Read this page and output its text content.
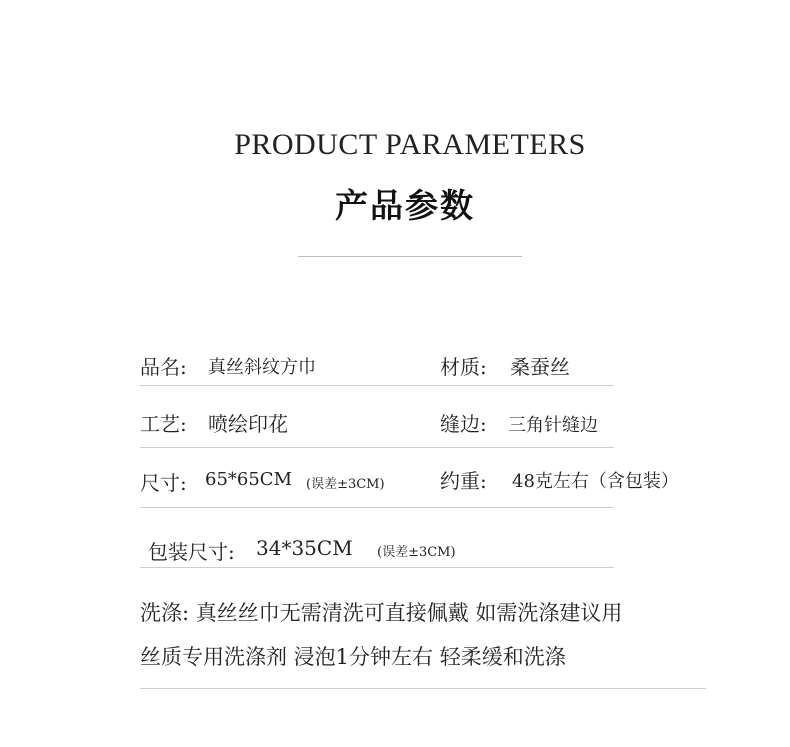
PRODUCT PARAMETERS
产品参数
品名: 真丝斜纹方巾	材质: 桑蚕丝
工艺: 喷绘印花	缝边: 三角针缝边
尺寸: 65*65CM (误差±3CM)	约重: 48克左右（含包装）
包装尺寸: 34*35CM (误差±3CM)
洗涤: 真丝丝巾无需清洗可直接佩戴 如需洗涤建议用
丝质专用洗涤剂 浸泡1分钟左右 轻柔缓和洗涤
